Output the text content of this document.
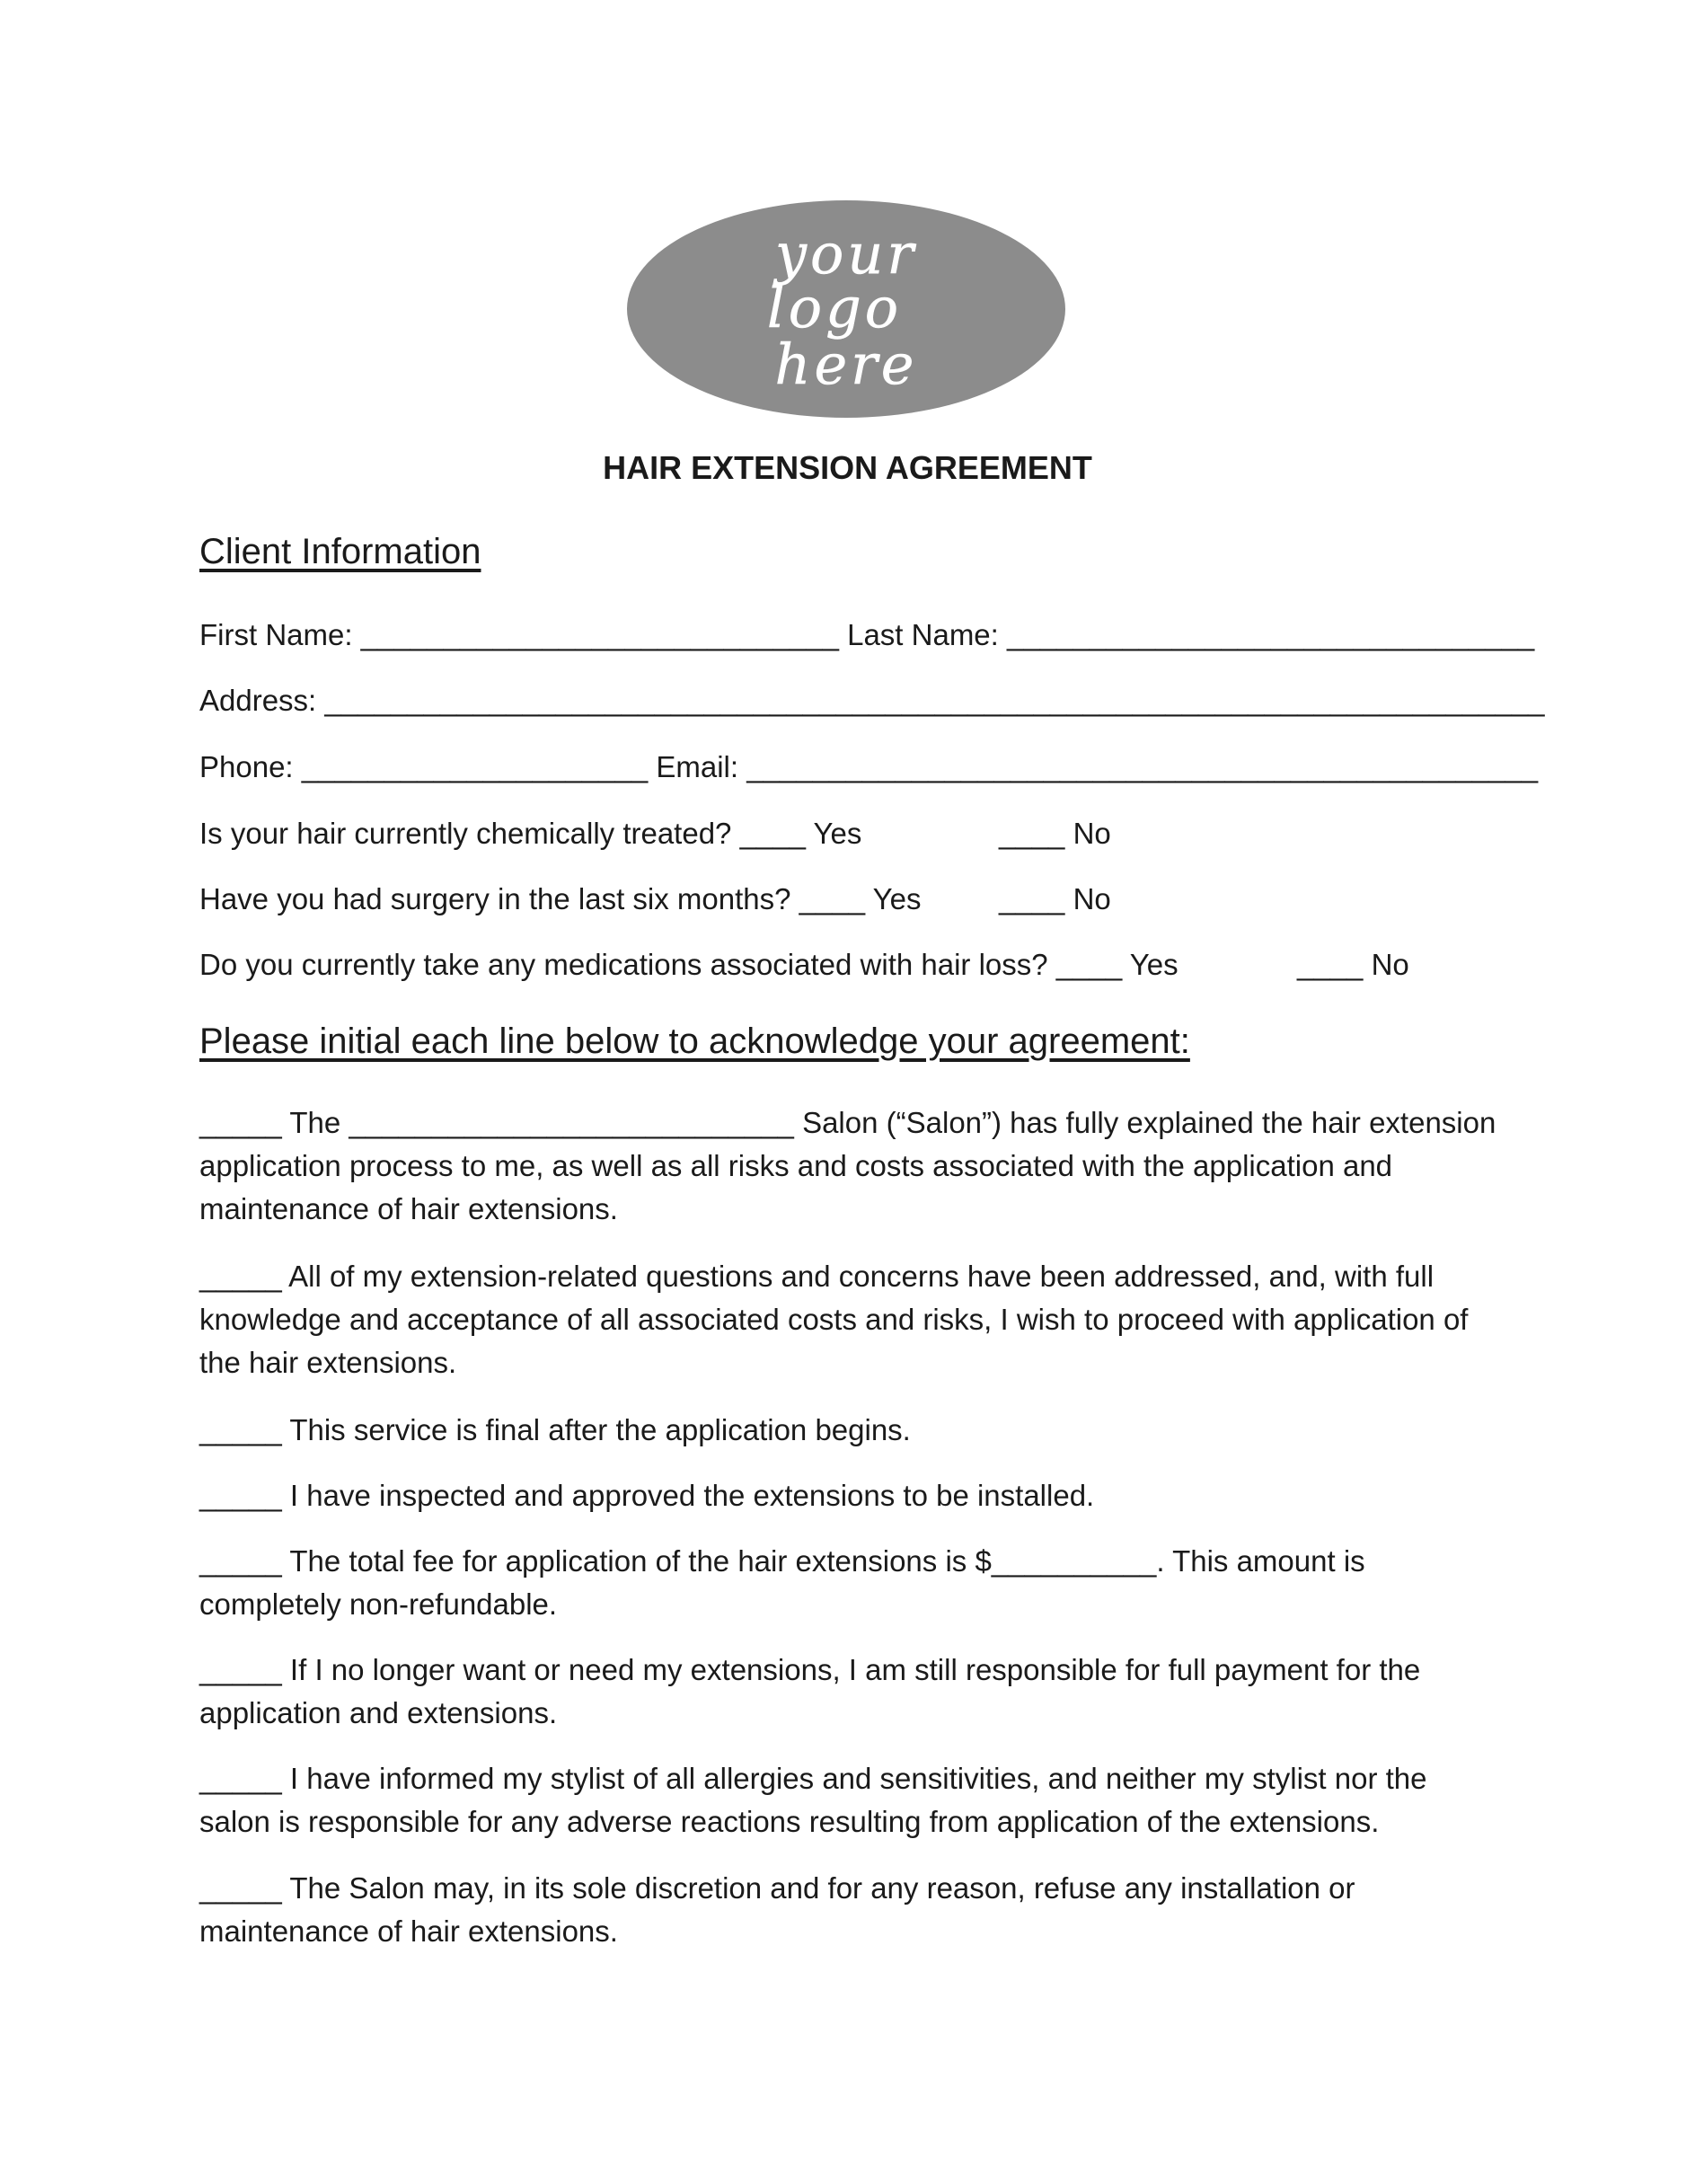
your
logo
here
HAIR EXTENSION AGREEMENT
Client Information
First Name: _____________________________ Last Name: ________________________________
Address: __________________________________________________________________________
Phone: _____________________ Email: ________________________________________________
Is your hair currently chemically treated? ____ Yes	____ No
Have you had surgery in the last six months? ____ Yes	____ No
Do you currently take any medications associated with hair loss? ____ Yes	____ No
Please initial each line below to acknowledge your agreement:

_____ The ___________________________ Salon (“Salon”) has fully explained the hair extension application process to me, as well as all risks and costs associated with the application and maintenance of hair extensions.

_____ All of my extension-related questions and concerns have been addressed, and, with full knowledge and acceptance of all associated costs and risks, I wish to proceed with application of the hair extensions.

_____ This service is final after the application begins.

_____ I have inspected and approved the extensions to be installed.

_____ The total fee for application of the hair extensions is $__________. This amount is completely non-refundable.

_____ If I no longer want or need my extensions, I am still responsible for full payment for the application and extensions.

_____ I have informed my stylist of all allergies and sensitivities, and neither my stylist nor the salon is responsible for any adverse reactions resulting from application of the extensions.

_____ The Salon may, in its sole discretion and for any reason, refuse any installation or maintenance of hair extensions.
